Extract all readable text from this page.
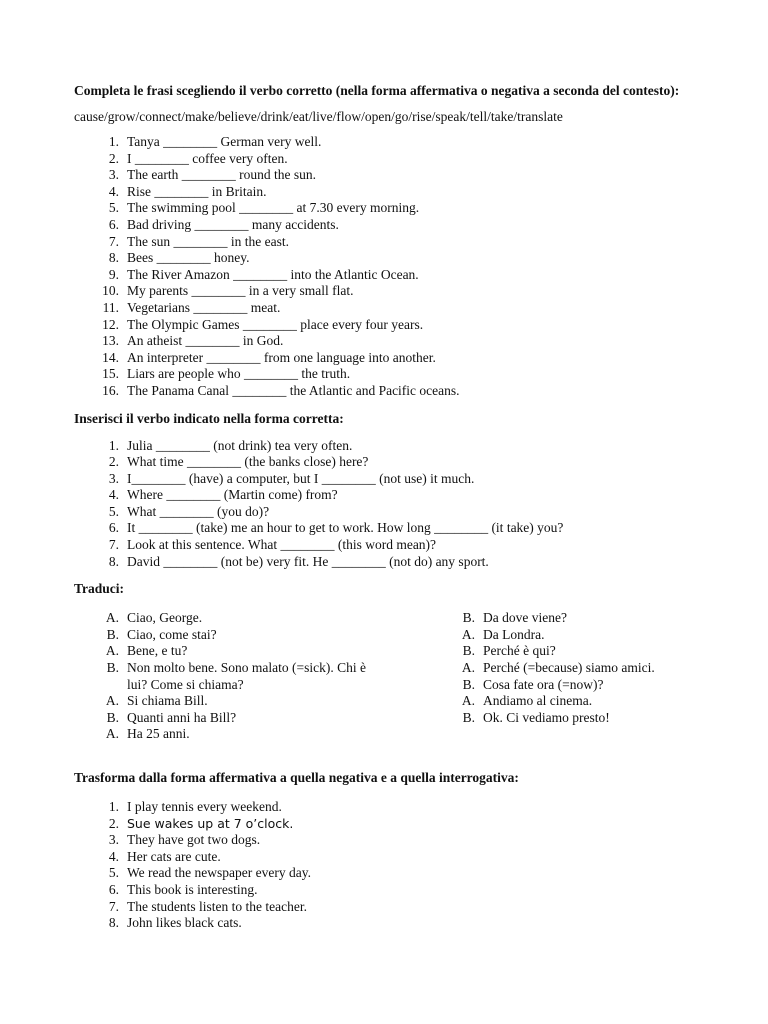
Completa le frasi scegliendo il verbo corretto (nella forma affermativa o negativa a seconda del contesto):

cause/grow/connect/make/believe/drink/eat/live/flow/open/go/rise/speak/tell/take/translate
1. Tanya ________ German very well.
2. I ________ coffee very often.
3. The earth ________ round the sun.
4. Rise ________ in Britain.
5. The swimming pool ________ at 7.30 every morning.
6. Bad driving ________ many accidents.
7. The sun ________ in the east.
8. Bees ________ honey.
9. The River Amazon ________ into the Atlantic Ocean.
10. My parents ________ in a very small flat.
11. Vegetarians ________ meat.
12. The Olympic Games ________ place every four years.
13. An atheist ________ in God.
14. An interpreter ________ from one language into another.
15. Liars are people who ________ the truth.
16. The Panama Canal ________ the Atlantic and Pacific oceans.

Inserisci il verbo indicato nella forma corretta:

1. Julia ________ (not drink) tea very often.
2. What time ________ (the banks close) here?
3. I________ (have) a computer, but I ________ (not use) it much.
4. Where ________ (Martin come) from?
5. What ________ (you do)?
6. It ________ (take) me an hour to get to work. How long ________ (it take) you?
7. Look at this sentence. What ________ (this word mean)?
8. David ________ (not be) very fit. He ________ (not do) any sport.

Traduci:

A. Ciao, George.
B. Ciao, come stai?
A. Bene, e tu?
B. Non molto bene. Sono malato (=sick). Chi è lui? Come si chiama?
A. Si chiama Bill.
B. Quanti anni ha Bill?
A. Ha 25 anni.
B. Da dove viene?
A. Da Londra.
B. Perché è qui?
A. Perché (=because) siamo amici.
B. Cosa fate ora (=now)?
A. Andiamo al cinema.
B. Ok. Ci vediamo presto!

Trasforma dalla forma affermativa a quella negativa e a quella interrogativa:

1. I play tennis every weekend.
2. Sue wakes up at 7 o’clock.
3. They have got two dogs.
4. Her cats are cute.
5. We read the newspaper every day.
6. This book is interesting.
7. The students listen to the teacher.
8. John likes black cats.
